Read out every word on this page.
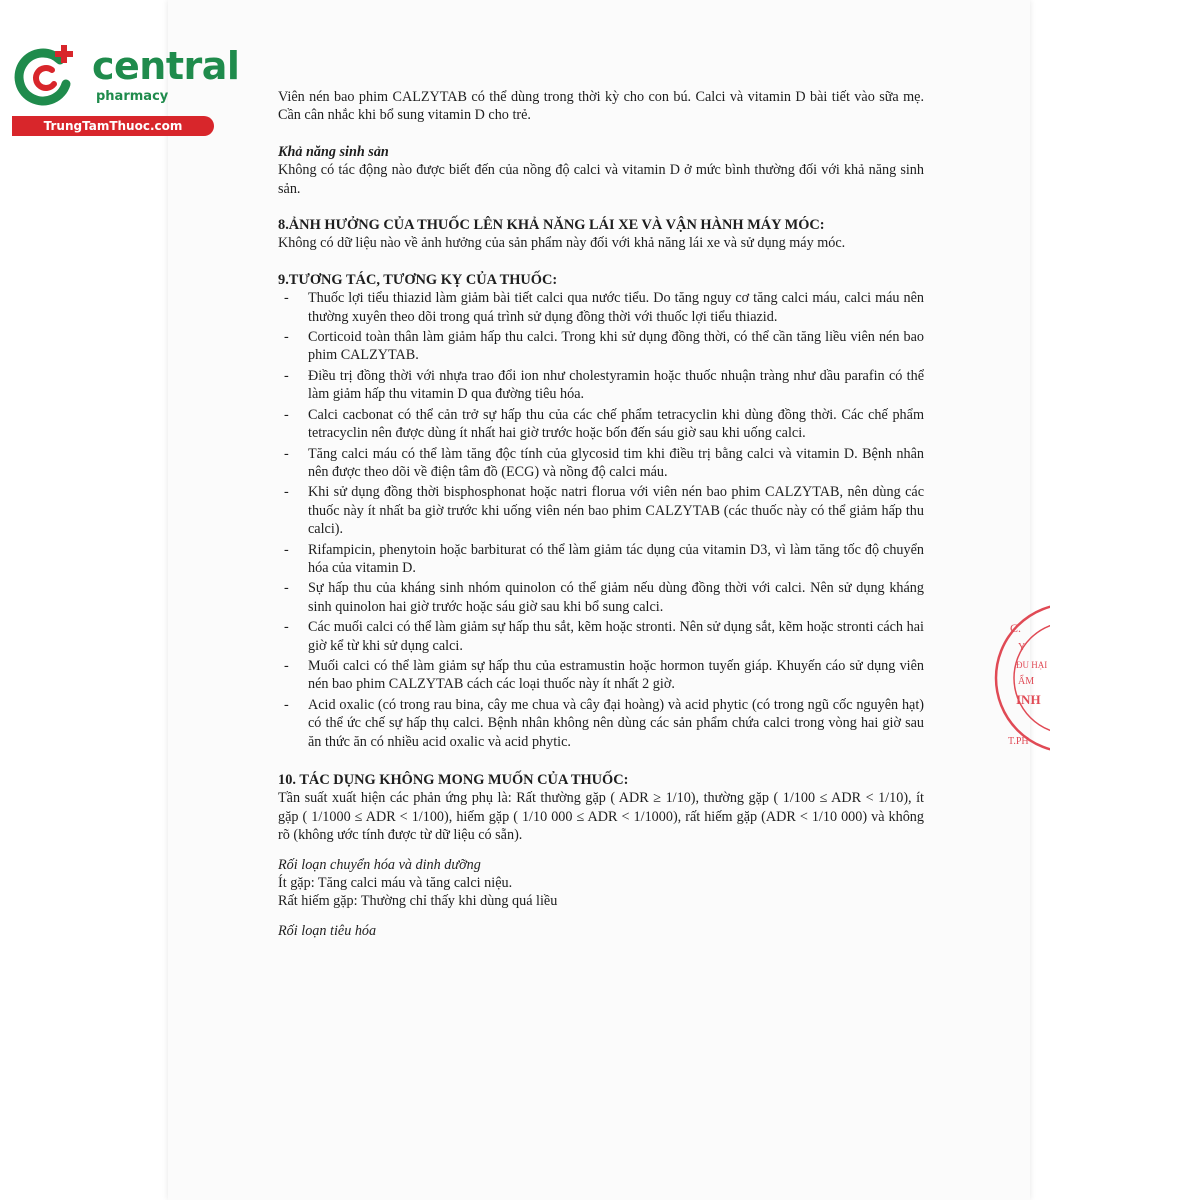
central
pharmacy
TrungTamThuoc.com

Viên nén bao phim CALZYTAB có thể dùng trong thời kỳ cho con bú. Calci và vitamin D bài tiết vào sữa mẹ. Cần cân nhắc khi bổ sung vitamin D cho trẻ.

Khả năng sinh sản

Không có tác động nào được biết đến của nồng độ calci và vitamin D ở mức bình thường đối với khả năng sinh sản.

8.ẢNH HƯỞNG CỦA THUỐC LÊN KHẢ NĂNG LÁI XE VÀ VẬN HÀNH MÁY MÓC:

Không có dữ liệu nào về ảnh hưởng của sản phẩm này đối với khả năng lái xe và sử dụng máy móc.

9.TƯƠNG TÁC, TƯƠNG KỴ CỦA THUỐC:

- Thuốc lợi tiểu thiazid làm giảm bài tiết calci qua nước tiểu. Do tăng nguy cơ tăng calci máu, calci máu nên thường xuyên theo dõi trong quá trình sử dụng đồng thời với thuốc lợi tiểu thiazid.
- Corticoid toàn thân làm giảm hấp thu calci. Trong khi sử dụng đồng thời, có thể cần tăng liều viên nén bao phim CALZYTAB.
- Điều trị đồng thời với nhựa trao đổi ion như cholestyramin hoặc thuốc nhuận tràng như dầu parafin có thể làm giảm hấp thu vitamin D qua đường tiêu hóa.
- Calci cacbonat có thể cản trở sự hấp thu của các chế phẩm tetracyclin khi dùng đồng thời. Các chế phẩm tetracyclin nên được dùng ít nhất hai giờ trước hoặc bốn đến sáu giờ sau khi uống calci.
- Tăng calci máu có thể làm tăng độc tính của glycosid tim khi điều trị bằng calci và vitamin D. Bệnh nhân nên được theo dõi về điện tâm đồ (ECG) và nồng độ calci máu.
- Khi sử dụng đồng thời bisphosphonat hoặc natri florua với viên nén bao phim CALZYTAB, nên dùng các thuốc này ít nhất ba giờ trước khi uống viên nén bao phim CALZYTAB (các thuốc này có thể giảm hấp thu calci).
- Rifampicin, phenytoin hoặc barbiturat có thể làm giảm tác dụng của vitamin D3, vì làm tăng tốc độ chuyển hóa của vitamin D.
- Sự hấp thu của kháng sinh nhóm quinolon có thể giảm nếu dùng đồng thời với calci. Nên sử dụng kháng sinh quinolon hai giờ trước hoặc sáu giờ sau khi bổ sung calci.
- Các muối calci có thể làm giảm sự hấp thu sắt, kẽm hoặc stronti. Nên sử dụng sắt, kẽm hoặc stronti cách hai giờ kể từ khi sử dụng calci.
- Muối calci có thể làm giảm sự hấp thu của estramustin hoặc hormon tuyến giáp. Khuyến cáo sử dụng viên nén bao phim CALZYTAB cách các loại thuốc này ít nhất 2 giờ.
- Acid oxalic (có trong rau bina, cây me chua và cây đại hoàng) và acid phytic (có trong ngũ cốc nguyên hạt) có thể ức chế sự hấp thụ calci. Bệnh nhân không nên dùng các sản phẩm chứa calci trong vòng hai giờ sau ăn thức ăn có nhiều acid oxalic và acid phytic.

10. TÁC DỤNG KHÔNG MONG MUỐN CỦA THUỐC:

Tần suất xuất hiện các phản ứng phụ là: Rất thường gặp ( ADR ≥ 1/10), thường gặp ( 1/100 ≤ ADR < 1/10), ít gặp ( 1/1000 ≤ ADR < 1/100), hiếm gặp ( 1/10 000 ≤ ADR < 1/1000), rất hiếm gặp (ADR < 1/10 000) và không rõ (không ước tính được từ dữ liệu có sẵn).

Rối loạn chuyển hóa và dinh dưỡng

Ít gặp: Tăng calci máu và tăng calci niệu.

Rất hiếm gặp: Thường chỉ thấy khi dùng quá liều

Rối loạn tiêu hóa

C.
Y
ĐU HẠI
ẨM
INH
T.PH
